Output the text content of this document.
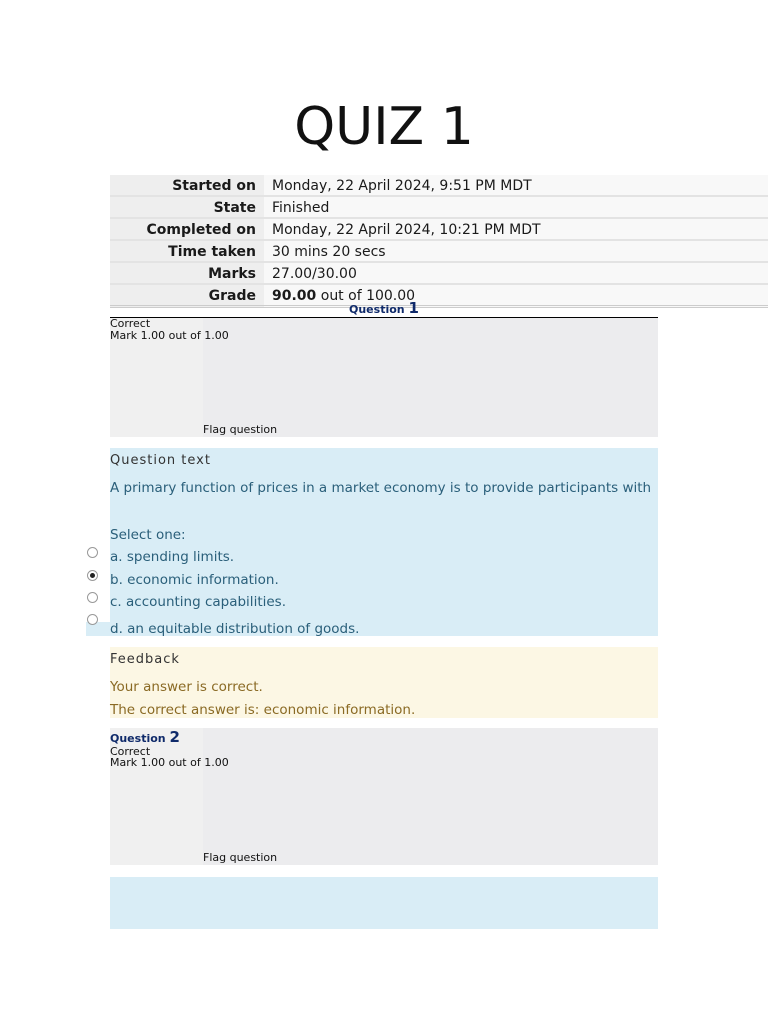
QUIZ 1
Started on	Monday, 22 April 2024, 9:51 PM MDT
State	Finished
Completed on	Monday, 22 April 2024, 10:21 PM MDT
Time taken	30 mins 20 secs
Marks	27.00/30.00
Grade	90.00 out of 100.00
Question 1
Correct
Mark 1.00 out of 1.00
Flag question
Question text
A primary function of prices in a market economy is to provide participants with
Select one:
a. spending limits.
b. economic information.
c. accounting capabilities.
d. an equitable distribution of goods.
Feedback
Your answer is correct.
The correct answer is: economic information.
Question 2
Correct
Mark 1.00 out of 1.00
Flag question
